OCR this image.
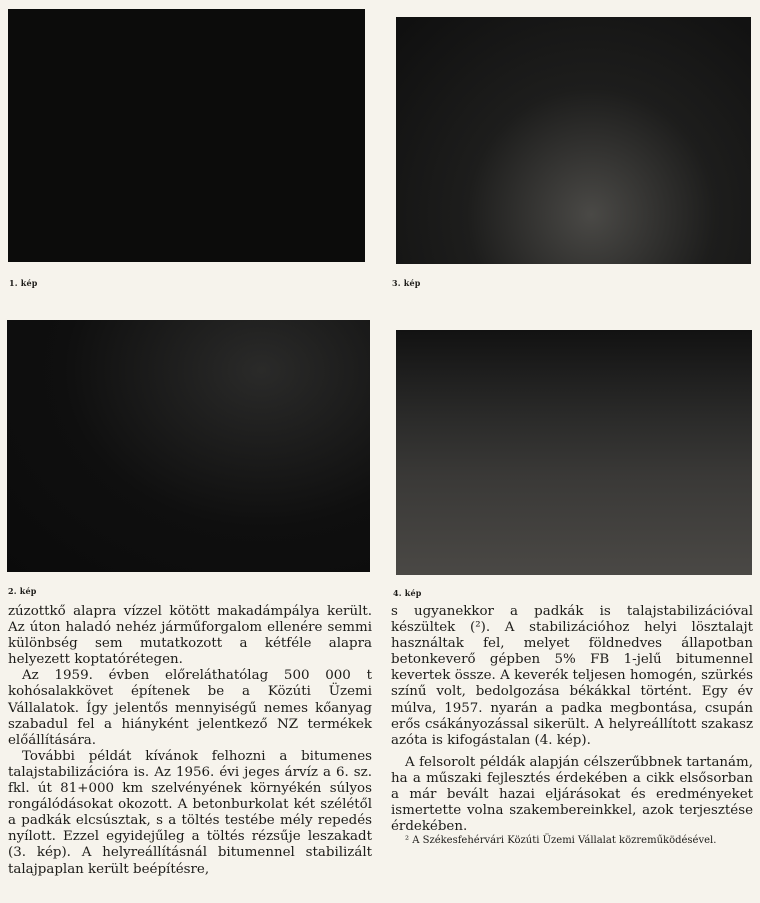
1. kép	3. kép
2. kép	4. kép

zúzottkő alapra vízzel kötött makadámpálya került. Az úton haladó nehéz járműforgalom ellenére semmi különbség sem mutatkozott a kétféle alapra helyezett koptatórétegen.

Az 1959. évben előreláthatólag 500 000 t kohósalakkövet építenek be a Közúti Üzemi Vállalatok. Így jelentős mennyiségű nemes kőanyag szabadul fel a hiányként jelentkező NZ termékek előállítására.

További példát kívánok felhozni a bitumenes talajstabilizációra is. Az 1956. évi jeges árvíz a 6. sz. fkl. út 81+000 km szelvényének környékén súlyos rongálódásokat okozott. A betonburkolat két szélétől a padkák elcsúsztak, s a töltés testébe mély repedés nyílott. Ezzel egyidejűleg a töltés rézsűje leszakadt (3. kép). A helyreállításnál bitumennel stabilizált talajpaplan került beépítésre,

s ugyanekkor a padkák is talajstabilizációval készültek (²). A stabilizációhoz helyi lösztalajt használtak fel, melyet földnedves állapotban betonkeverő gépben 5% FB 1-jelű bitumennel kevertek össze. A keverék teljesen homogén, szürkés színű volt, bedolgozása békákkal történt. Egy év múlva, 1957. nyarán a padka megbontása, csupán erős csákányozással sikerült. A helyreállított szakasz azóta is kifogástalan (4. kép).

A felsorolt példák alapján célszerűbbnek tartanám, ha a műszaki fejlesztés érdekében a cikk elsősorban a már bevált hazai eljárásokat és eredményeket ismertette volna szakembereinkkel, azok terjesztése érdekében.

² A Székesfehérvári Közúti Üzemi Vállalat közreműködésével.
